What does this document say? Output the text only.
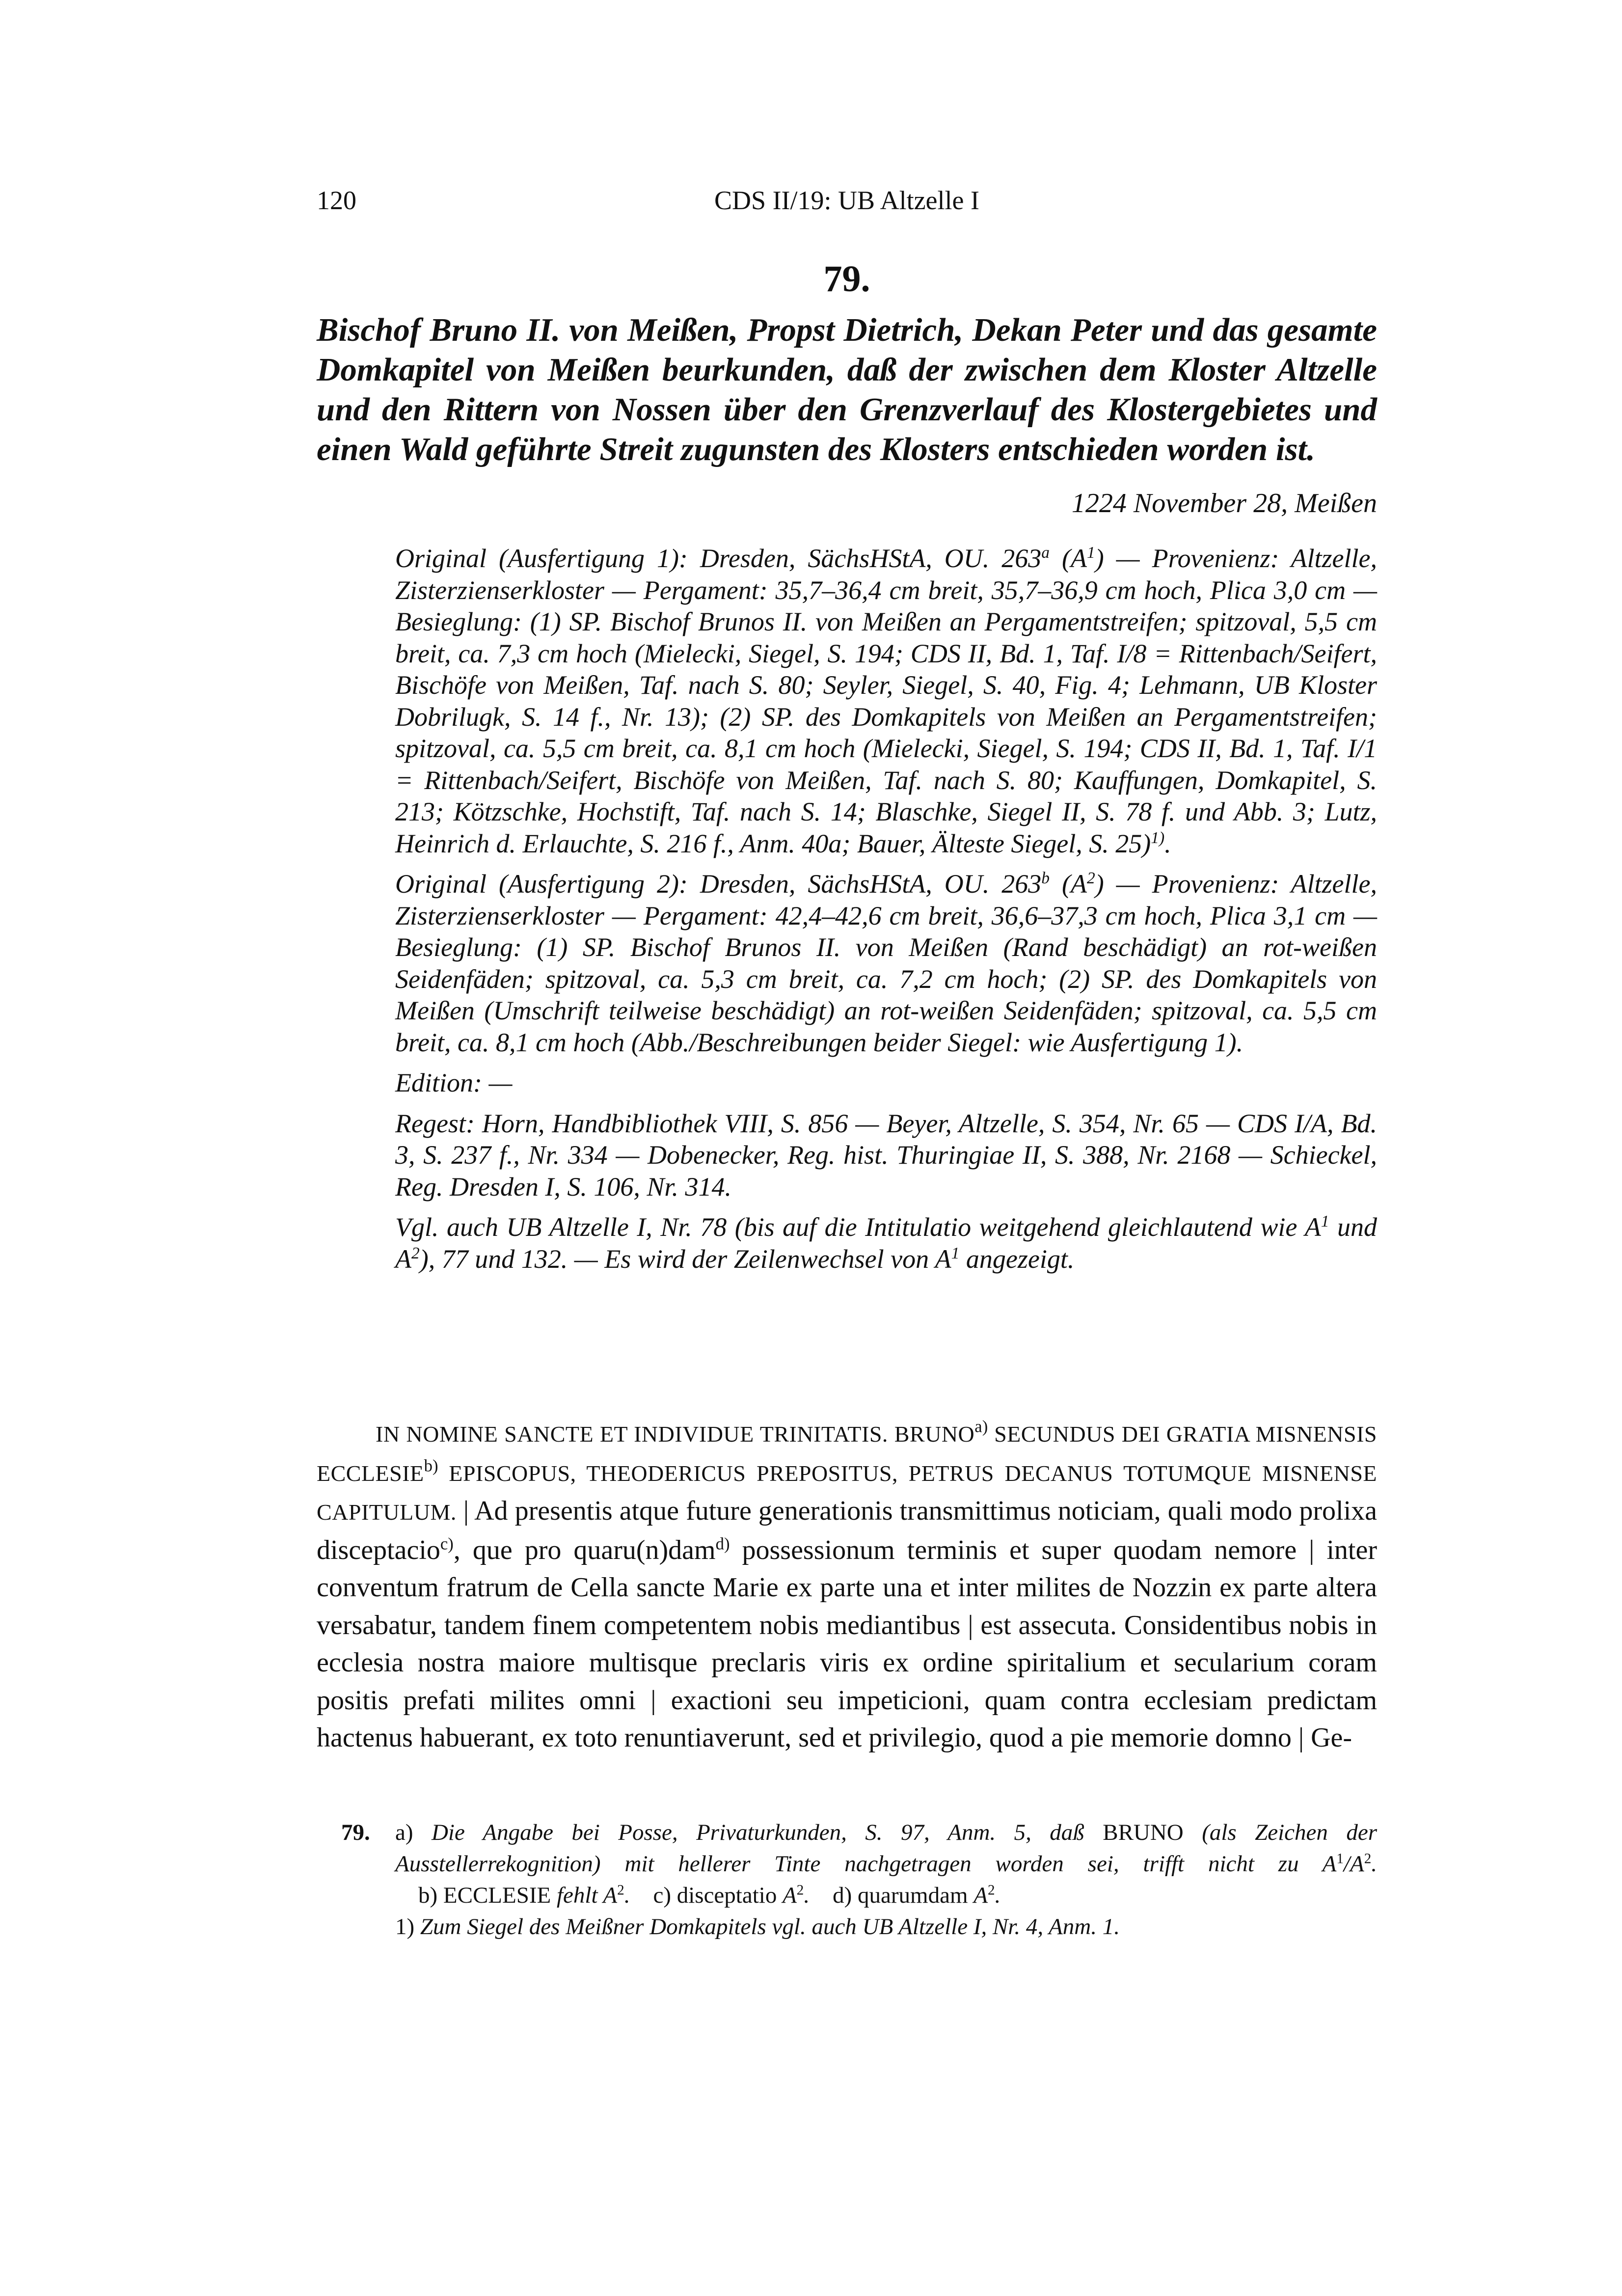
120	CDS II/19: UB Altzelle I
79.
Bischof Bruno II. von Meißen, Propst Dietrich, Dekan Peter und das gesamte Domkapitel von Meißen beurkunden, daß der zwischen dem Kloster Altzelle und den Rittern von Nossen über den Grenzverlauf des Klostergebietes und einen Wald geführte Streit zugunsten des Klosters entschieden worden ist.
1224 November 28, Meißen

Original (Ausfertigung 1): Dresden, SächsHStA, OU. 263$^a$ $(A^1)$ — Provenienz: Altzelle, Zisterzienserkloster — Pergament: 35,7–36,4 cm breit, 35,7–36,9 cm hoch, Plica 3,0 cm — Besieglung: (1) SP. Bischof Brunos II. von Meißen an Pergamentstreifen; spitzoval, 5,5 cm breit, ca. 7,3 cm hoch (Mielecki, Siegel, S. 194; CDS II, Bd. 1, Taf. I/8 = Rittenbach/Seifert, Bischöfe von Meißen, Taf. nach S. 80; Seyler, Siegel, S. 40, Fig. 4; Lehmann, UB Kloster Dobrilugk, S. 14 f., Nr. 13); (2) SP. des Domkapitels von Meißen an Pergamentstreifen; spitzoval, ca. 5,5 cm breit, ca. 8,1 cm hoch (Mielecki, Siegel, S. 194; CDS II, Bd. 1, Taf. I/1 = Rittenbach/Seifert, Bischöfe von Meißen, Taf. nach S. 80; Kauffungen, Domkapitel, S. 213; Kötzschke, Hochstift, Taf. nach S. 14; Blaschke, Siegel II, S. 78 f. und Abb. 3; Lutz, Heinrich d. Erlauchte, S. 216 f., Anm. 40a; Bauer, Älteste Siegel, S. 25)$^{1)}$.

Original (Ausfertigung 2): Dresden, SächsHStA, OU. 263$^b$ $(A^2)$ — Provenienz: Altzelle, Zisterzienserkloster — Pergament: 42,4–42,6 cm breit, 36,6–37,3 cm hoch, Plica 3,1 cm — Besieglung: (1) SP. Bischof Brunos II. von Meißen (Rand beschädigt) an rot-weißen Seidenfäden; spitzoval, ca. 5,3 cm breit, ca. 7,2 cm hoch; (2) SP. des Domkapitels von Meißen (Umschrift teilweise beschädigt) an rot-weißen Seidenfäden; spitzoval, ca. 5,5 cm breit, ca. 8,1 cm hoch (Abb./Beschreibungen beider Siegel: wie Ausfertigung 1).

Edition: —

Regest: Horn, Handbibliothek VIII, S. 856 — Beyer, Altzelle, S. 354, Nr. 65 — CDS I/A, Bd. 3, S. 237 f., Nr. 334 — Dobenecker, Reg. hist. Thuringiae II, S. 388, Nr. 2168 — Schieckel, Reg. Dresden I, S. 106, Nr. 314.

Vgl. auch UB Altzelle I, Nr. 78 (bis auf die Intitulatio weitgehend gleichlautend wie $A^1$ und $A^2$), 77 und 132. — Es wird der Zeilenwechsel von $A^1$ angezeigt.

IN NOMINE SANCTE ET INDIVIDUE TRINITATIS. BRUNO$^{a)}$ SECUNDUS DEI GRATIA MISNENSIS ECCLESIE$^{b)}$ EPISCOPUS, THEODERICUS PREPOSITUS, PETRUS DECANUS TOTUMQUE MISNENSE CAPITULUM. | Ad presentis atque future generationis transmittimus noticiam, quali modo prolixa disceptacio$^{c)}$, que pro quaru(n)dam$^{d)}$ possessionum terminis et super quodam nemore | inter conventum fratrum de Cella sancte Marie ex parte una et inter milites de Nozzin ex parte altera versabatur, tandem finem competentem nobis mediantibus | est assecuta. Considentibus nobis in ecclesia nostra maiore multisque preclaris viris ex ordine spiritalium et secularium coram positis prefati milites omni | exactioni seu impeticioni, quam contra ecclesiam predictam hactenus habuerant, ex toto renuntiaverunt, sed et privilegio, quod a pie memorie domno | Ge-

79. a) Die Angabe bei Posse, Privaturkunden, S. 97, Anm. 5, daß BRUNO (als Zeichen der Ausstellerrekognition) mit hellerer Tinte nachgetragen worden sei, trifft nicht zu $A^1/A^2$.    b) ECCLESIE fehlt $A^2$.    c) disceptatio $A^2$.    d) quarumdam $A^2$.

1) Zum Siegel des Meißner Domkapitels vgl. auch UB Altzelle I, Nr. 4, Anm. 1.
